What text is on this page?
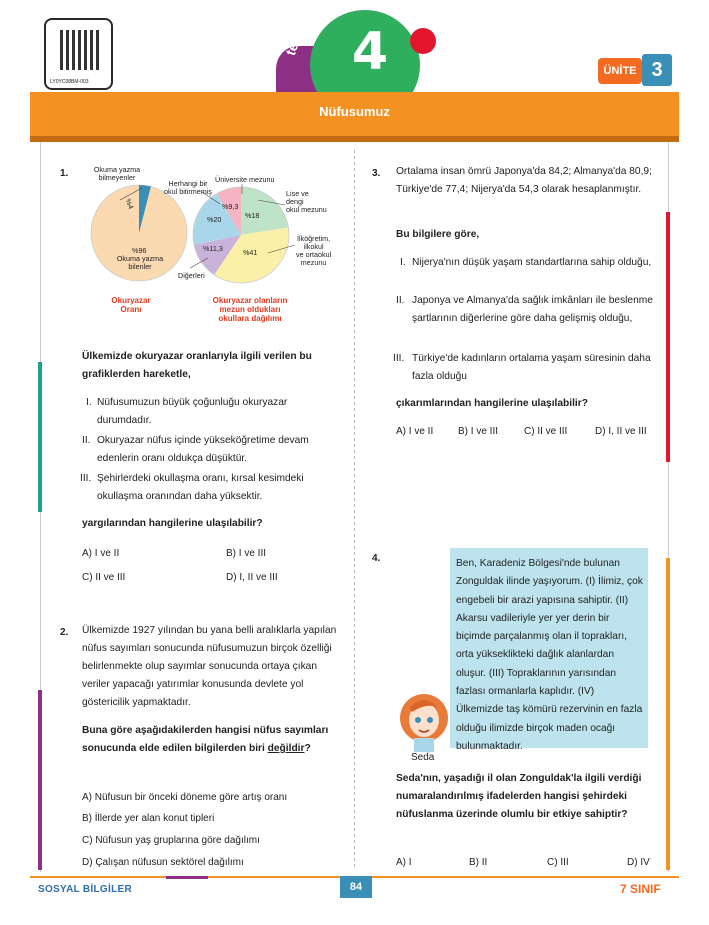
LY0YC08BM-003
test 4	ÜNİTE 3
Nüfusumuz
1.	Okuma yazma
bilmeyenler
%4
%96
Okuma yazma
bilenler
Okuryazar
Oranı
Herhangi bir
okul bitirmemiş
Üniversite mezunu
Lise ve
dengi
okul mezunu
İlköğretim,
ilkokul
ve ortaokul
mezunu
Diğerleri
%20
%9,3
%18
%41
%11,3
Okuryazar olanların
mezun oldukları
okullara dağılımı
Ülkemizde okuryazar oranlarıyla ilgili verilen bu grafiklerden hareketle,
I. Nüfusumuzun büyük çoğunluğu okuryazar durumdadır.
II. Okuryazar nüfus içinde yükseköğretime devam edenlerin oranı oldukça düşüktür.
III. Şehirlerdeki okullaşma oranı, kırsal kesimdeki okullaşma oranından daha yüksektir.
yargılarından hangilerine ulaşılabilir?
A) I ve II	B) I ve III
C) II ve III	D) I, II ve III
2. Ülkemizde 1927 yılından bu yana belli aralıklarla yapılan nüfus sayımları sonucunda nüfusumuzun birçok özelliği belirlenmekte olup sayımlar sonucunda ortaya çıkan veriler yapacağı yatırımlar konusunda devlete yol göstericilik yapmaktadır.
Buna göre aşağıdakilerden hangisi nüfus sayımları sonucunda elde edilen bilgilerden biri değildir?
A) Nüfusun bir önceki döneme göre artış oranı
B) İllerde yer alan konut tipleri
C) Nüfusun yaş gruplarına göre dağılımı
D) Çalışan nüfusun sektörel dağılımı
3. Ortalama insan ömrü Japonya'da 84,2; Almanya'da 80,9; Türkiye'de 77,4; Nijerya'da 54,3 olarak hesaplanmıştır.
Bu bilgilere göre,
I. Nijerya'nın düşük yaşam standartlarına sahip olduğu,
II. Japonya ve Almanya'da sağlık imkânları ile beslenme şartlarının diğerlerine göre daha gelişmiş olduğu,
III. Türkiye'de kadınların ortalama yaşam süresinin daha fazla olduğu
çıkarımlarından hangilerine ulaşılabilir?
A) I ve II B) I ve III	C) II ve III	D) I, II ve III
4.	Ben, Karadeniz Bölgesi'nde bulunan Zonguldak ilinde yaşıyorum. (I) İlimiz, çok engebeli bir arazi yapısına sahiptir. (II) Akarsu vadileriyle yer yer derin bir biçimde parçalanmış olan il toprakları, orta yükseklikteki dağlık alanlardan oluşur. (III) Topraklarının yarısından fazlası ormanlarla kaplıdır. (IV) Ülkemizde taş kömürü rezervinin en fazla olduğu ilimizde birçok maden ocağı bulunmaktadır.
Seda
Seda'nın, yaşadığı il olan Zonguldak'la ilgili verdiği numaralandırılmış ifadelerden hangisi şehirdeki nüfuslanma üzerinde olumlu bir etkiye sahiptir?
A) I	B) II	C) III	D) IV
SOSYAL BİLGİLER	84	7 SINIF
